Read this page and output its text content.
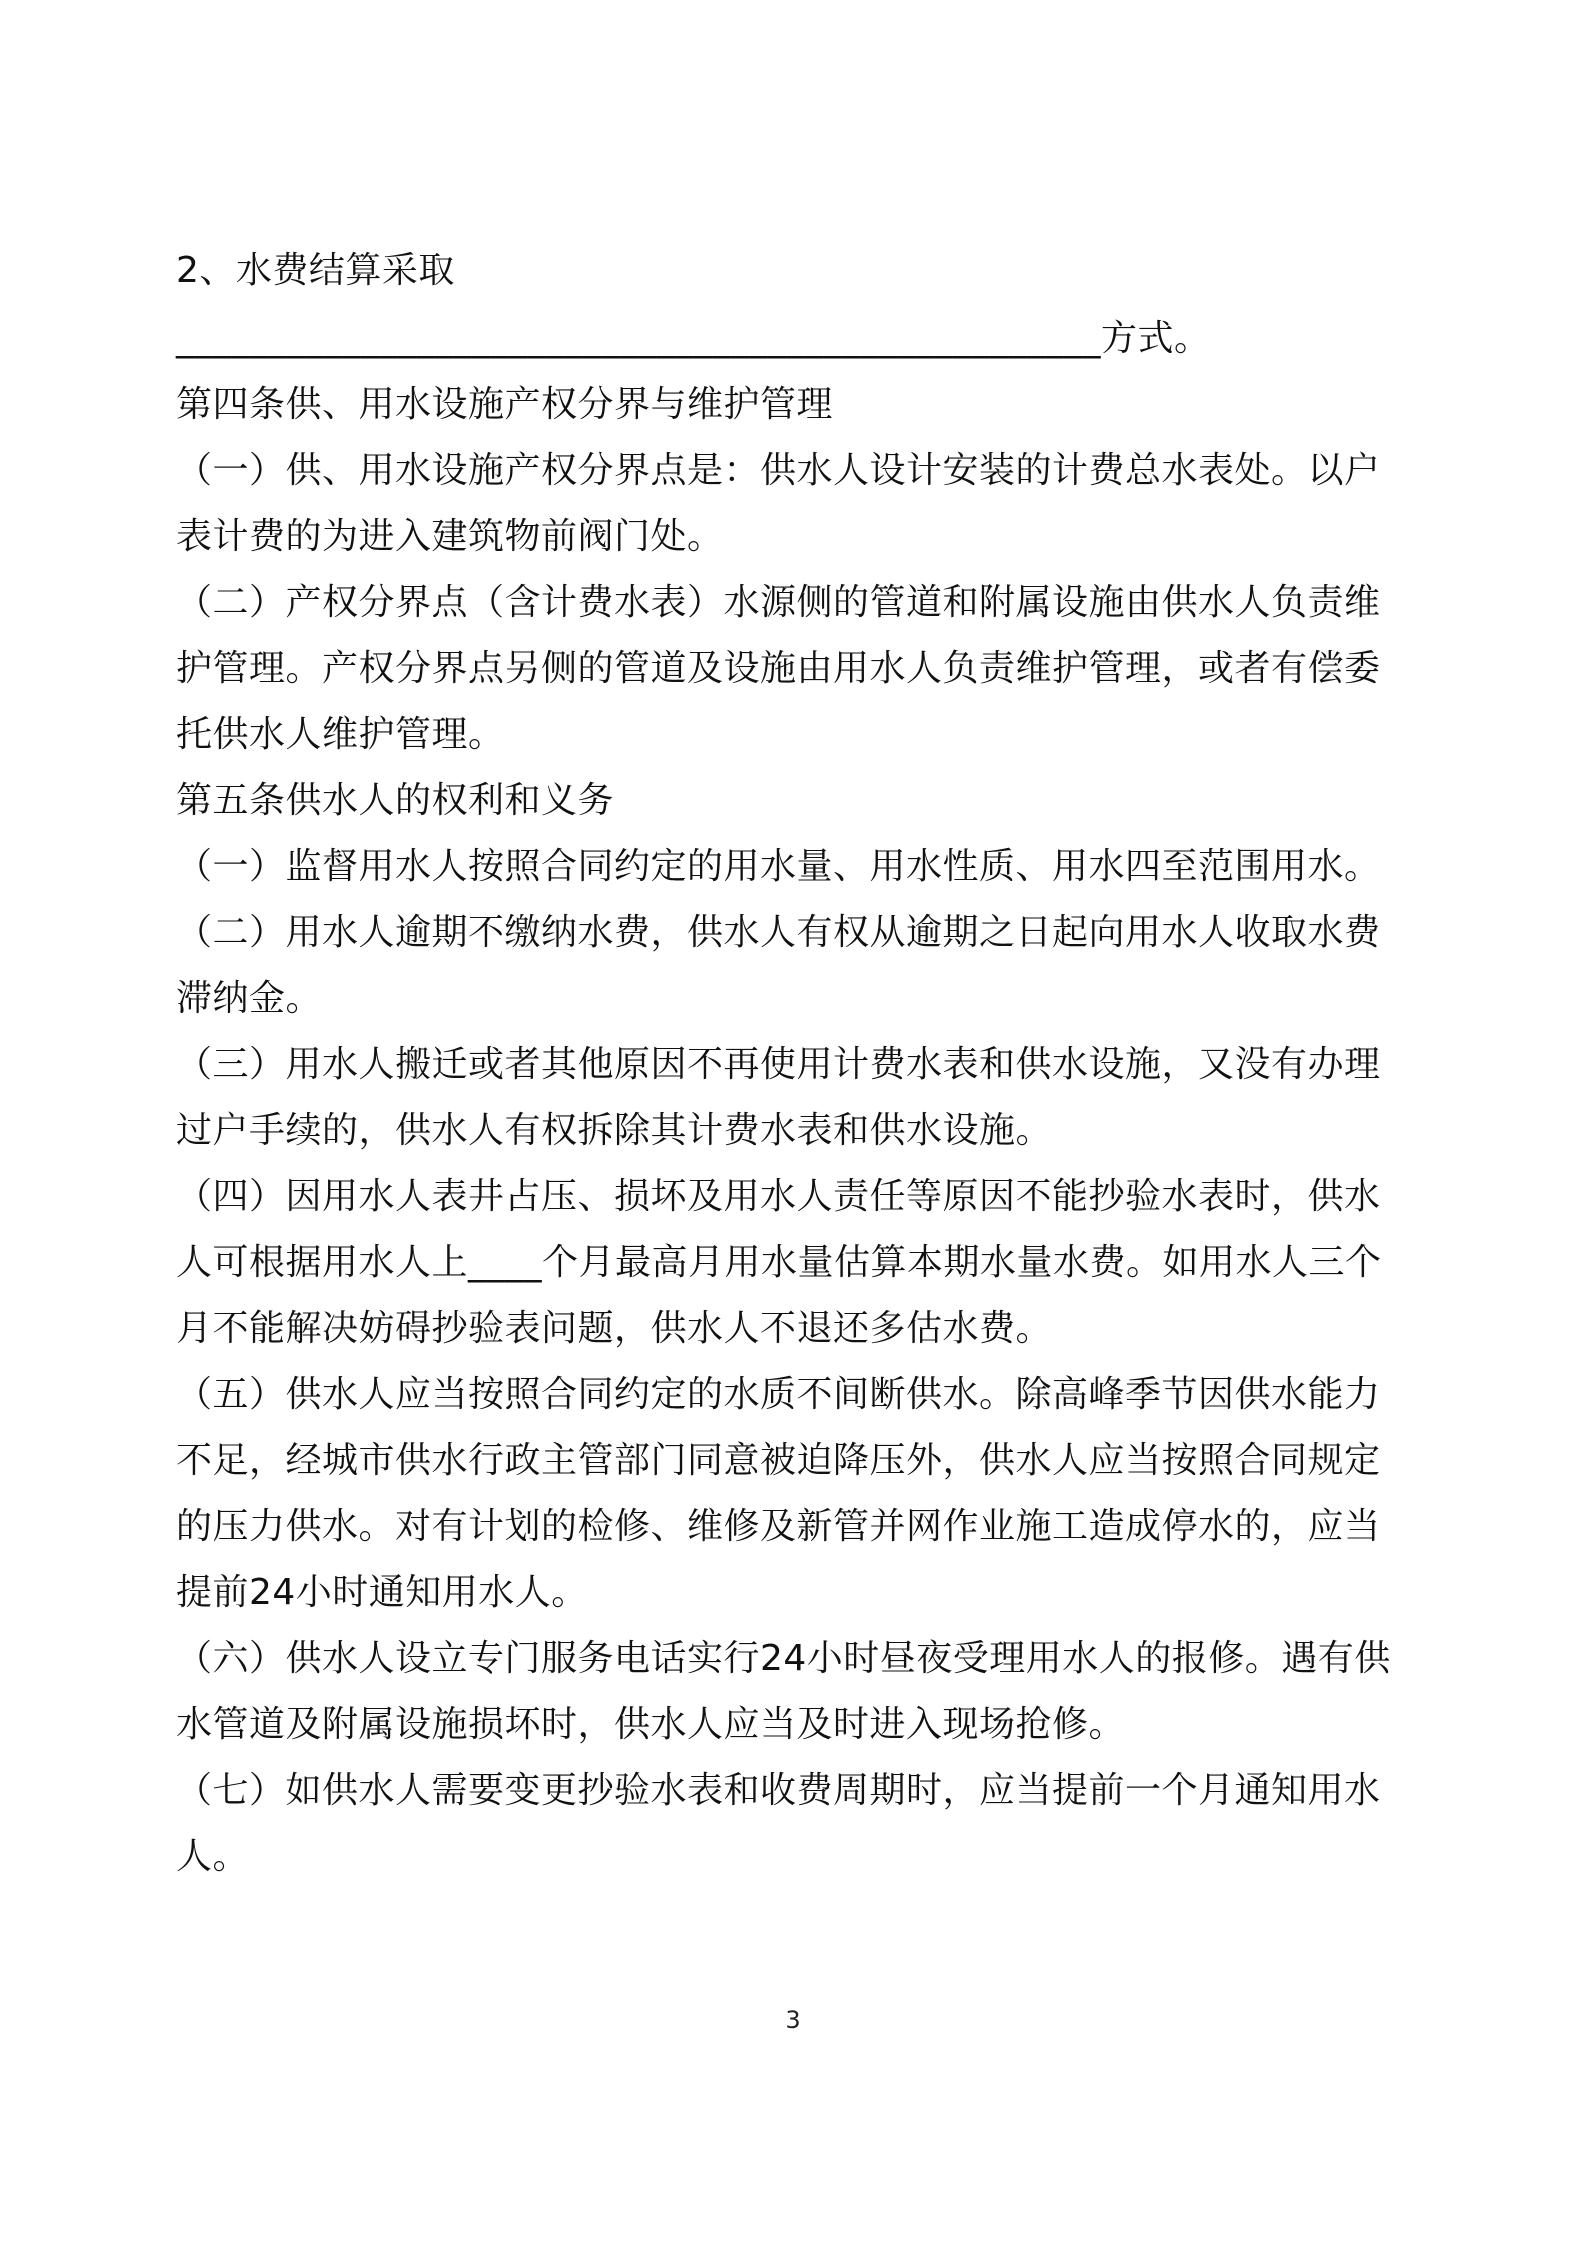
2、水费结算采取
__________________________________________________方式。
第四条供、用水设施产权分界与维护管理
（一）供、用水设施产权分界点是：供水人设计安装的计费总水表处。以户
表计费的为进入建筑物前阀门处。
（二）产权分界点（含计费水表）水源侧的管道和附属设施由供水人负责维
护管理。产权分界点另侧的管道及设施由用水人负责维护管理，或者有偿委
托供水人维护管理。
第五条供水人的权利和义务
（一）监督用水人按照合同约定的用水量、用水性质、用水四至范围用水。
（二）用水人逾期不缴纳水费，供水人有权从逾期之日起向用水人收取水费
滞纳金。
（三）用水人搬迁或者其他原因不再使用计费水表和供水设施，又没有办理
过户手续的，供水人有权拆除其计费水表和供水设施。
（四）因用水人表井占压、损坏及用水人责任等原因不能抄验水表时，供水
人可根据用水人上____个月最高月用水量估算本期水量水费。如用水人三个
月不能解决妨碍抄验表问题，供水人不退还多估水费。
（五）供水人应当按照合同约定的水质不间断供水。除高峰季节因供水能力
不足，经城市供水行政主管部门同意被迫降压外，供水人应当按照合同规定
的压力供水。对有计划的检修、维修及新管并网作业施工造成停水的，应当
提前24小时通知用水人。
（六）供水人设立专门服务电话实行24小时昼夜受理用水人的报修。遇有供
水管道及附属设施损坏时，供水人应当及时进入现场抢修。
（七）如供水人需要变更抄验水表和收费周期时，应当提前一个月通知用水
人。
3
